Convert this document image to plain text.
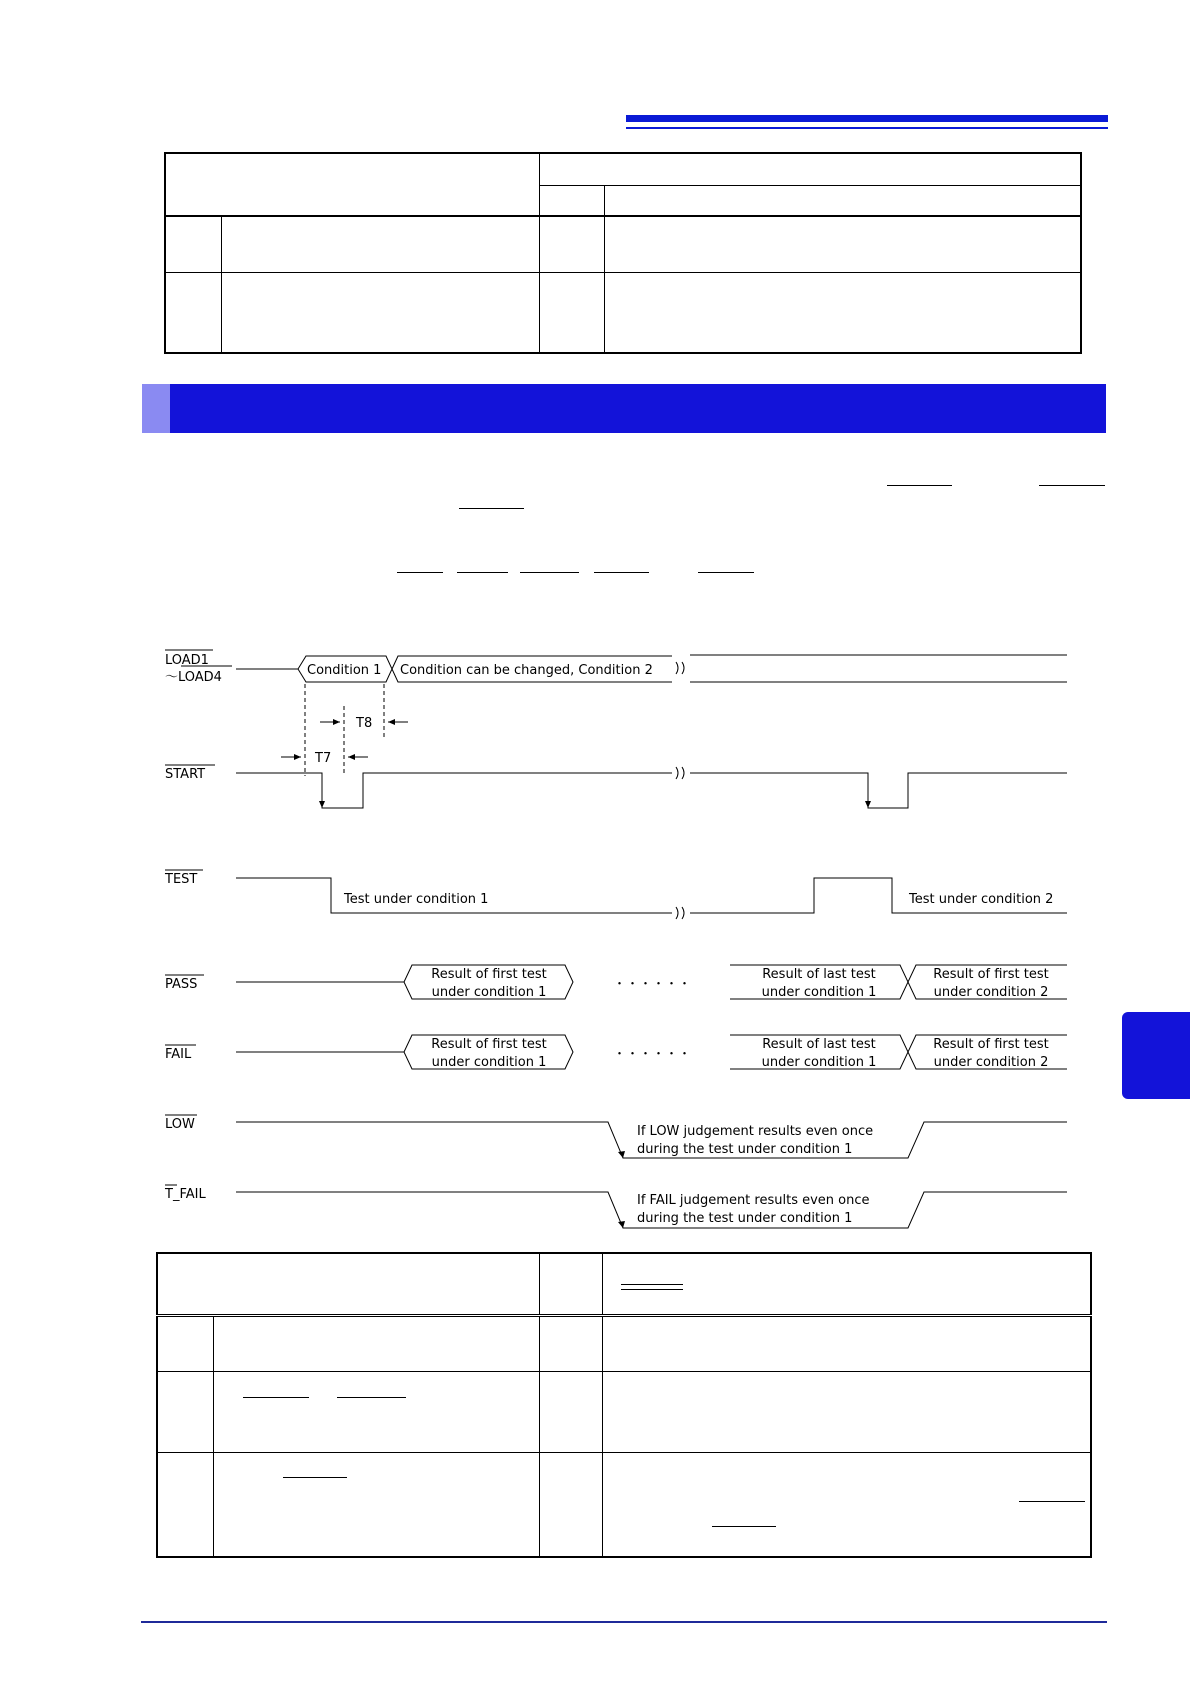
LOAD1
～LOAD4
START
TEST
PASS
FAIL
LOW
T_FAIL
Condition 1 Condition can be changed, Condition 2
T8
T7
Test under condition 1	Test under condition 2
Result of first test
under condition 1
・・・・・・
Result of last test
under condition 1
Result of first test
under condition 2
Result of first test
under condition 1
・・・・・・
Result of last test
under condition 1
Result of first test
under condition 2
If LOW judgement results even once
during the test under condition 1
If FAIL judgement results even once
during the test under condition 1
